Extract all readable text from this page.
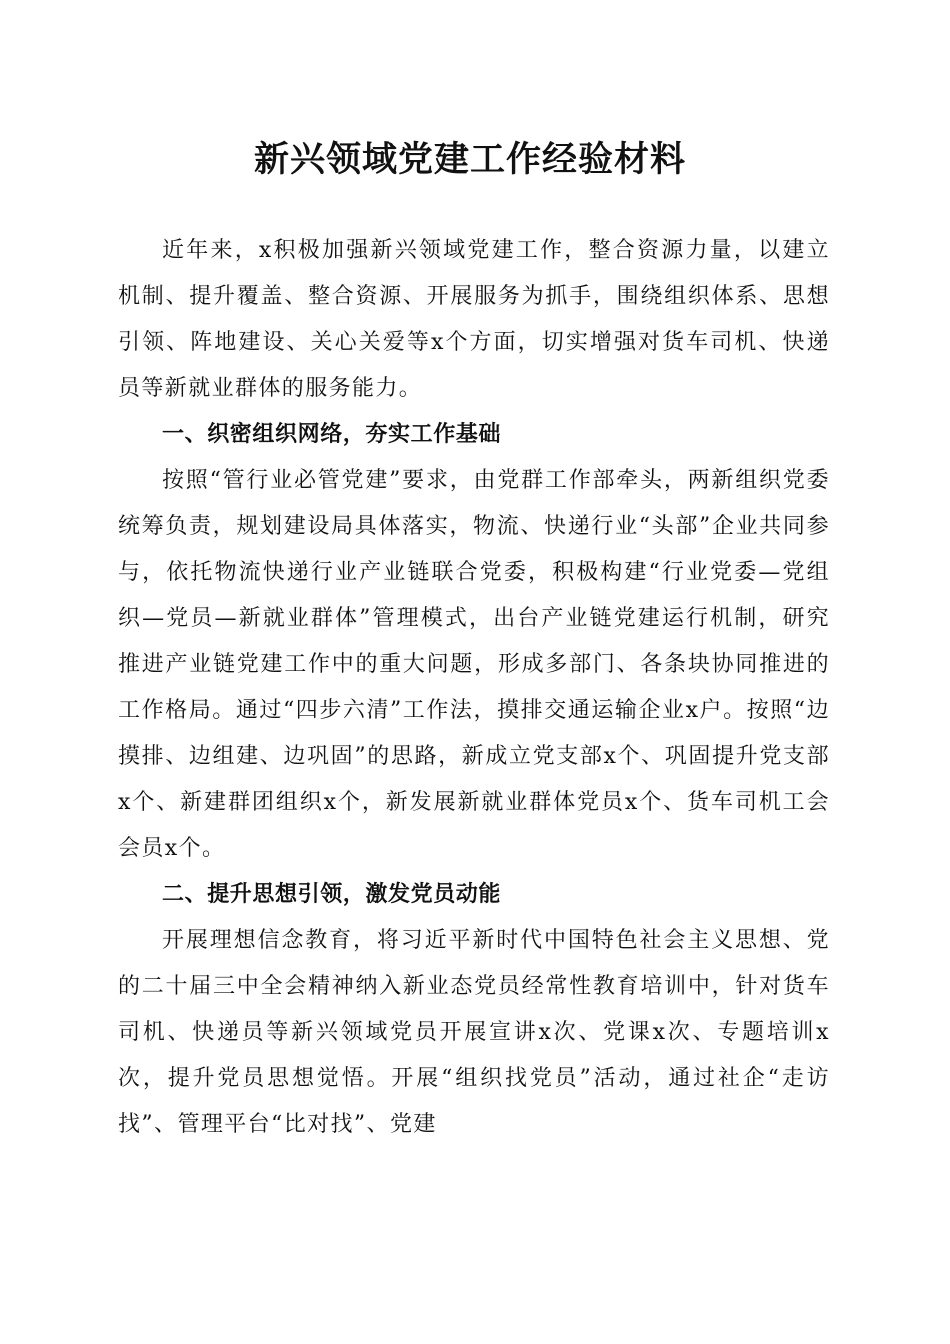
新兴领域党建工作经验材料

近年来，x积极加强新兴领域党建工作，整合资源力量，以建立机制、提升覆盖、整合资源、开展服务为抓手，围绕组织体系、思想引领、阵地建设、关心关爱等x个方面，切实增强对货车司机、快递员等新就业群体的服务能力。

一、织密组织网络，夯实工作基础

按照“管行业必管党建”要求，由党群工作部牵头，两新组织党委统筹负责，规划建设局具体落实，物流、快递行业“头部”企业共同参与，依托物流快递行业产业链联合党委，积极构建“行业党委—党组织—党员—新就业群体”管理模式，出台产业链党建运行机制，研究推进产业链党建工作中的重大问题，形成多部门、各条块协同推进的工作格局。通过“四步六清”工作法，摸排交通运输企业x户。按照“边摸排、边组建、边巩固”的思路，新成立党支部x个、巩固提升党支部x个、新建群团组织x个，新发展新就业群体党员x个、货车司机工会会员x个。

二、提升思想引领，激发党员动能

开展理想信念教育，将习近平新时代中国特色社会主义思想、党的二十届三中全会精神纳入新业态党员经常性教育培训中，针对货车司机、快递员等新兴领域党员开展宣讲x次、党课x次、专题培训x次，提升党员思想觉悟。开展“组织找党员”活动，通过社企“走访找”、管理平台“比对找”、党建
